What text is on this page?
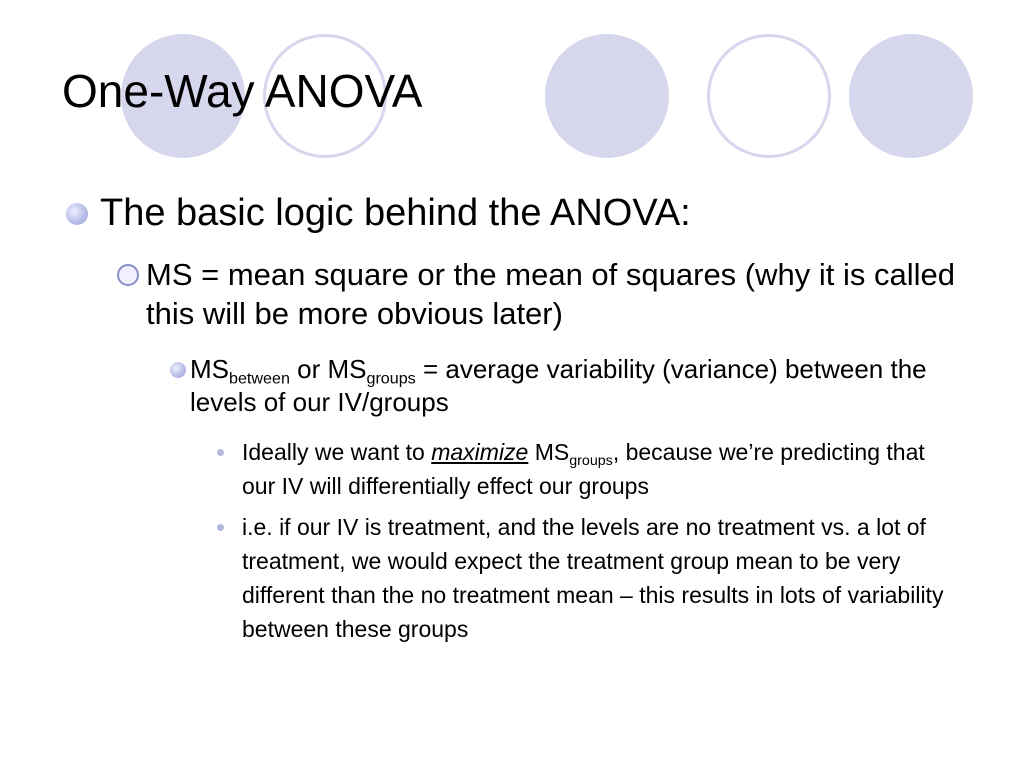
One-Way ANOVA

The basic logic behind the ANOVA:

MS = mean square or the mean of squares (why it is called this will be more obvious later)

$MS_{between}$ or $MS_{groups}$ = average variability (variance) between the levels of our IV/groups

Ideally we want to maximize $MS_{groups}$, because we’re predicting that our IV will differentially effect our groups

i.e. if our IV is treatment, and the levels are no treatment vs. a lot of treatment, we would expect the treatment group mean to be very different than the no treatment mean – this results in lots of variability between these groups
